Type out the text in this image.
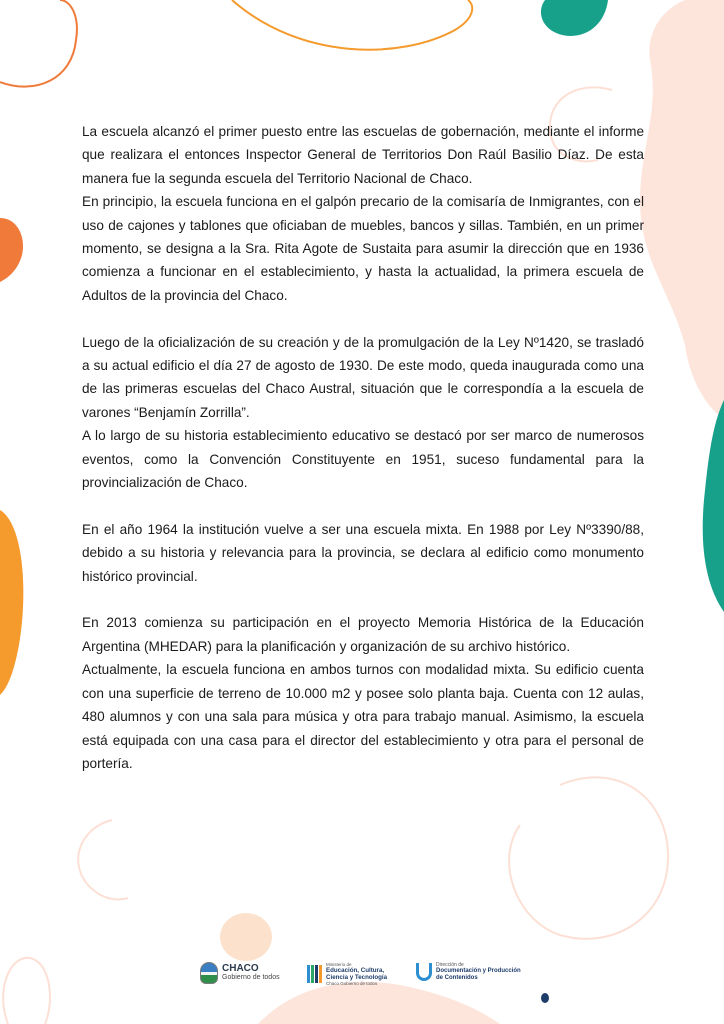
La escuela alcanzó el primer puesto entre las escuelas de gobernación, mediante el informe que realizara el entonces Inspector General de Territorios Don Raúl Basilio Díaz. De esta manera fue la segunda escuela del Territorio Nacional de Chaco.

En principio, la escuela funciona en el galpón precario de la comisaría de Inmigrantes, con el uso de cajones y tablones que oficiaban de muebles, bancos y sillas. También, en un primer momento, se designa a la Sra. Rita Agote de Sustaita para asumir la dirección que en 1936 comienza a funcionar en el establecimiento, y hasta la actualidad, la primera escuela de Adultos de la provincia del Chaco.

Luego de la oficialización de su creación y de la promulgación de la Ley Nº1420, se trasladó a su actual edificio el día 27 de agosto de 1930. De este modo, queda inaugurada como una de las primeras escuelas del Chaco Austral, situación que le correspondía a la escuela de varones “Benjamín Zorrilla”.

A lo largo de su historia establecimiento educativo se destacó por ser marco de numerosos eventos, como la Convención Constituyente en 1951, suceso fundamental para la provincialización de Chaco.

En el año 1964 la institución vuelve a ser una escuela mixta. En 1988 por Ley Nº3390/88, debido a su historia y relevancia para la provincia, se declara al edificio como monumento histórico provincial.

En 2013 comienza su participación en el proyecto Memoria Histórica de la Educación Argentina (MHEDAR) para la planificación y organización de su archivo histórico.

Actualmente, la escuela funciona en ambos turnos con modalidad mixta. Su edificio cuenta con una superficie de terreno de 10.000 m2 y posee solo planta baja. Cuenta con 12 aulas, 480 alumnos y con una sala para música y otra para trabajo manual. Asimismo, la escuela está equipada con una casa para el director del establecimiento y otra para el personal de portería.

CHACO
Gobierno de todos
Ministerio de
Educación, Cultura,
Ciencia y Tecnología
Chaco Gobierno de todos
Dirección de
Documentación y Producción
de Contenidos
